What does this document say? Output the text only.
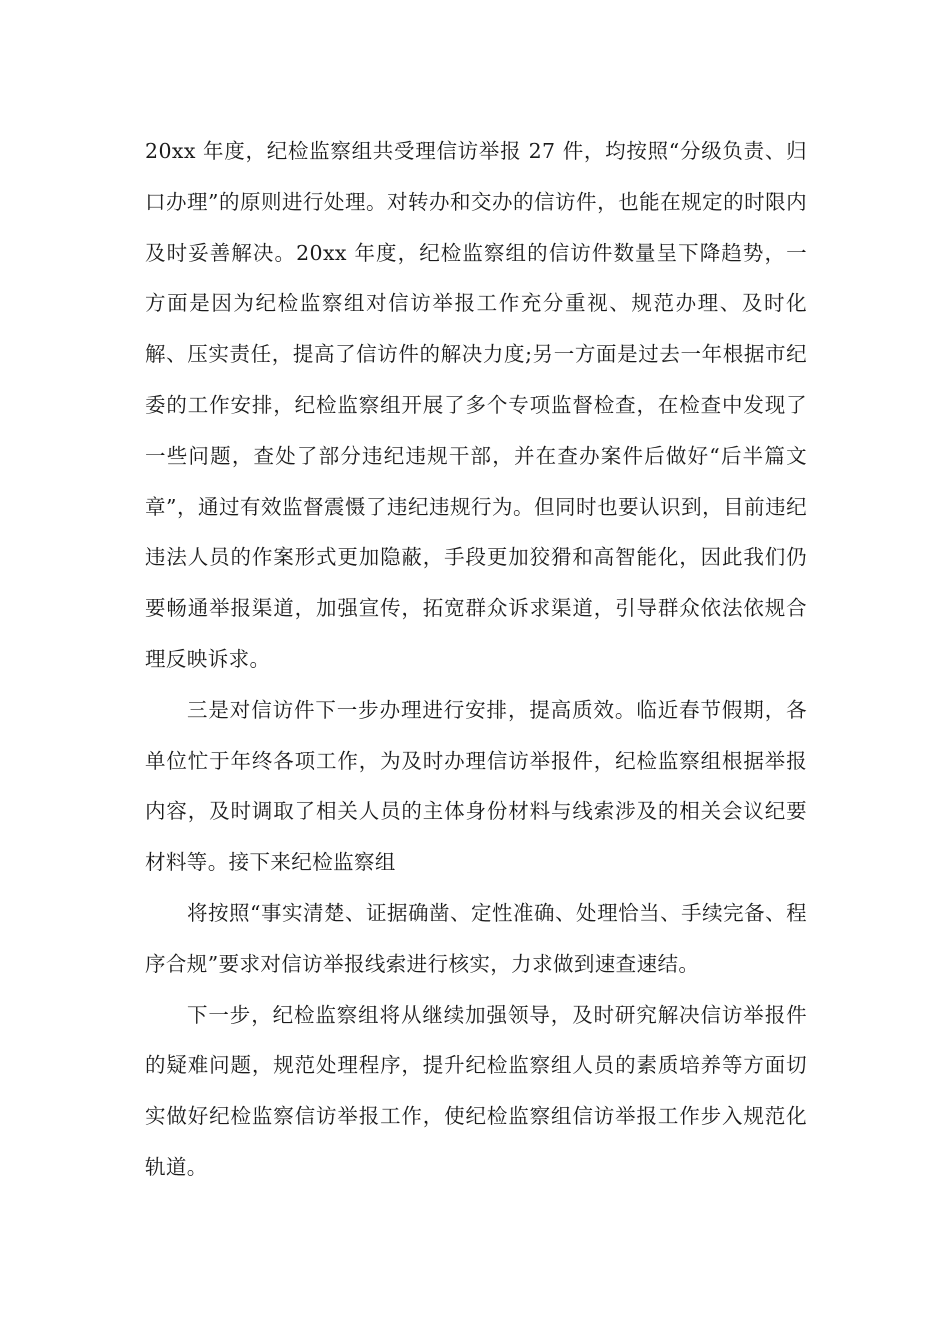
20xx 年度，纪检监察组共受理信访举报 27 件，均按照“分级负责、归口办理”的原则进行处理。对转办和交办的信访件，也能在规定的时限内及时妥善解决。20xx 年度，纪检监察组的信访件数量呈下降趋势，一方面是因为纪检监察组对信访举报工作充分重视、规范办理、及时化解、压实责任，提高了信访件的解决力度;另一方面是过去一年根据市纪委的工作安排，纪检监察组开展了多个专项监督检查，在检查中发现了一些问题，查处了部分违纪违规干部，并在查办案件后做好“后半篇文章”，通过有效监督震慑了违纪违规行为。但同时也要认识到，目前违纪违法人员的作案形式更加隐蔽，手段更加狡猾和高智能化，因此我们仍要畅通举报渠道，加强宣传，拓宽群众诉求渠道，引导群众依法依规合理反映诉求。

三是对信访件下一步办理进行安排，提高质效。临近春节假期，各单位忙于年终各项工作，为及时办理信访举报件，纪检监察组根据举报内容，及时调取了相关人员的主体身份材料与线索涉及的相关会议纪要材料等。接下来纪检监察组

将按照“事实清楚、证据确凿、定性准确、处理恰当、手续完备、程序合规”要求对信访举报线索进行核实，力求做到速查速结。

下一步，纪检监察组将从继续加强领导，及时研究解决信访举报件的疑难问题，规范处理程序，提升纪检监察组人员的素质培养等方面切实做好纪检监察信访举报工作，使纪检监察组信访举报工作步入规范化轨道。
